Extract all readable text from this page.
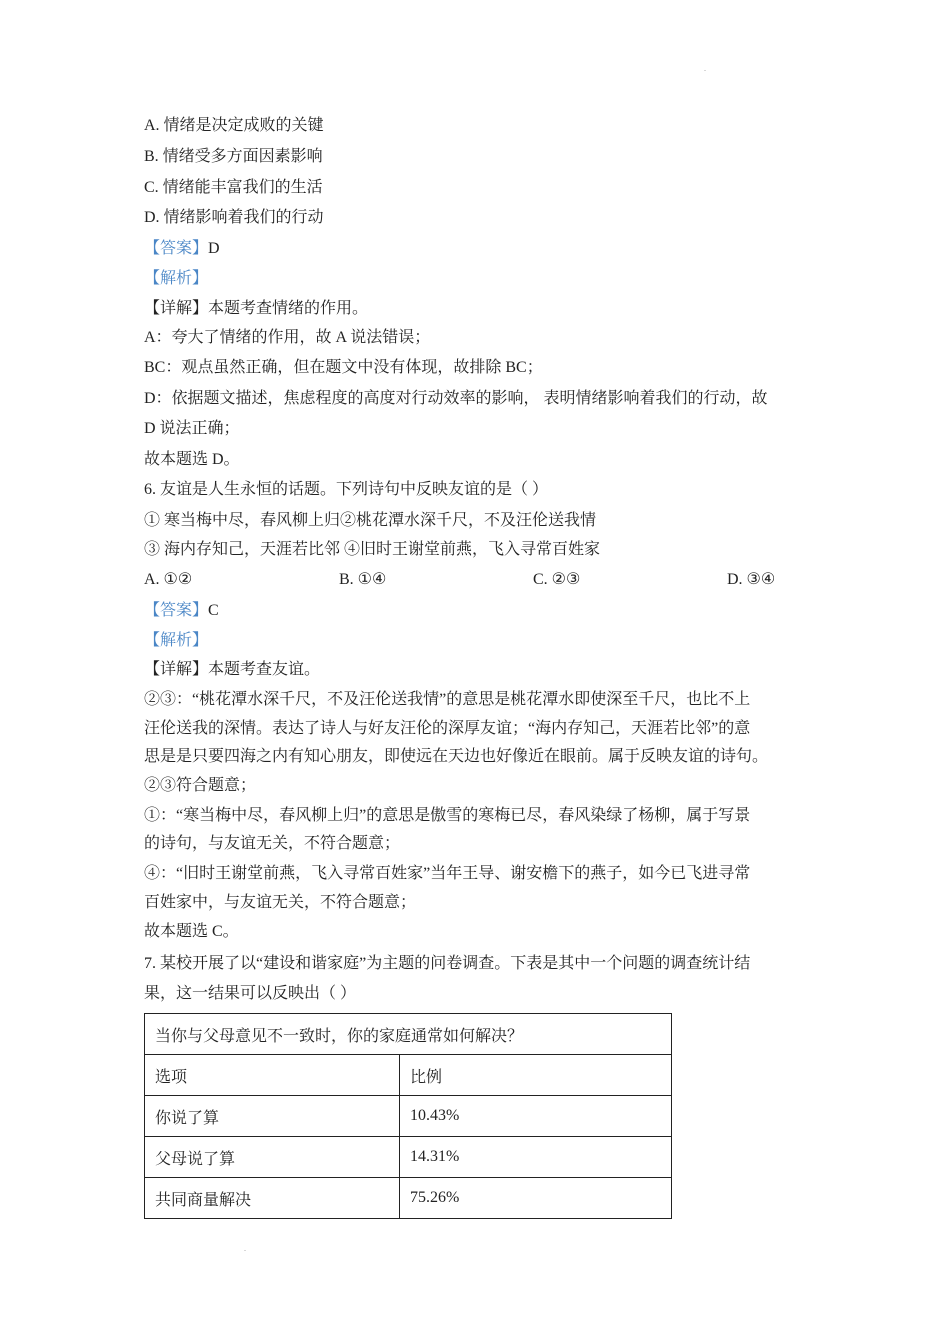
.
A. 情绪是决定成败的关键
B. 情绪受多方面因素影响
C. 情绪能丰富我们的生活
D. 情绪影响着我们的行动
【答案】D
【解析】
【详解】本题考查情绪的作用。
A：夸大了情绪的作用，故 A 说法错误；
BC：观点虽然正确，但在题文中没有体现，故排除 BC；
D：依据题文描述，焦虑程度的高度对行动效率的影响， 表明情绪影响着我们的行动，故
D 说法正确；
故本题选 D。
6. 友谊是人生永恒的话题。下列诗句中反映友谊的是（ ）
① 寒当梅中尽，春风柳上归②桃花潭水深千尺，不及汪伦送我情
③ 海内存知己，天涯若比邻 ④旧时王谢堂前燕，飞入寻常百姓家
A. ①②	B. ①④	C. ②③	D. ③④
【答案】C
【解析】
【详解】本题考查友谊。
②③：“桃花潭水深千尺，不及汪伦送我情”的意思是桃花潭水即使深至千尺，也比不上
汪伦送我的深情。表达了诗人与好友汪伦的深厚友谊；“海内存知己，天涯若比邻”的意
思是是只要四海之内有知心朋友，即使远在天边也好像近在眼前。属于反映友谊的诗句。
②③符合题意；
①：“寒当梅中尽，春风柳上归”的意思是傲雪的寒梅已尽，春风染绿了杨柳，属于写景
的诗句，与友谊无关，不符合题意；
④：“旧时王谢堂前燕，飞入寻常百姓家”当年王导、谢安檐下的燕子，如今已飞进寻常
百姓家中，与友谊无关，不符合题意；
故本题选 C。
7. 某校开展了以“建设和谐家庭”为主题的问卷调查。下表是其中一个问题的调查统计结
果，这一结果可以反映出（ ）
当你与父母意见不一致时，你的家庭通常如何解决？	
选项	比例
你说了算	10.43%
父母说了算	14.31%
共同商量解决	75.26%
.
